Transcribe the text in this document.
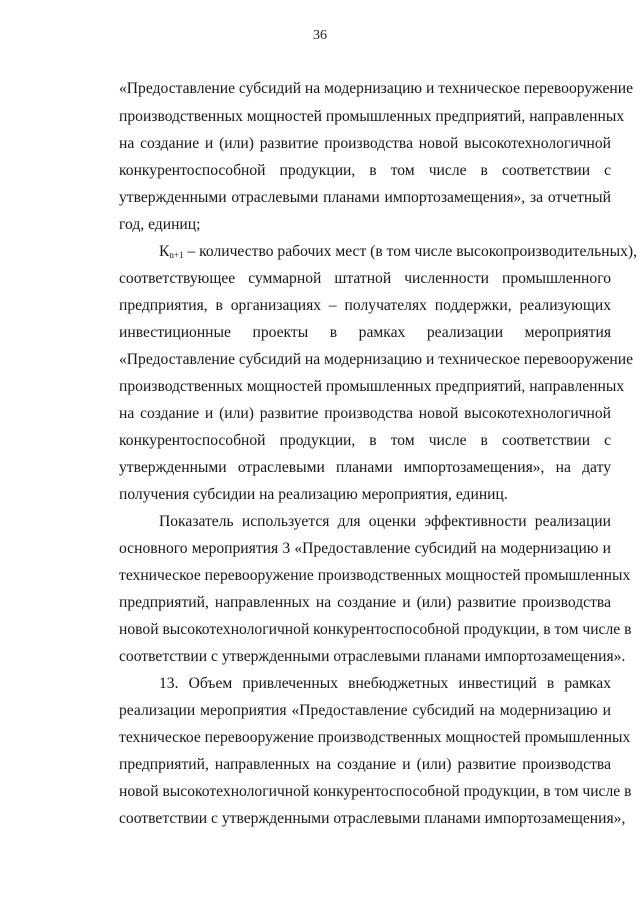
36
«Предоставление субсидий на модернизацию и техническое перевооружение
производственных мощностей промышленных предприятий, направленных
на создание и (или) развитие производства новой высокотехнологичной
конкурентоспособной продукции, в том числе в соответствии с
утвержденными отраслевыми планами импортозамещения», за отчетный
год, единиц;
Кn+1 – количество рабочих мест (в том числе высокопроизводительных),
соответствующее суммарной штатной численности промышленного
предприятия, в организациях – получателях поддержки, реализующих
инвестиционные проекты в рамках реализации мероприятия
«Предоставление субсидий на модернизацию и техническое перевооружение
производственных мощностей промышленных предприятий, направленных
на создание и (или) развитие производства новой высокотехнологичной
конкурентоспособной продукции, в том числе в соответствии с
утвержденными отраслевыми планами импортозамещения», на дату
получения субсидии на реализацию мероприятия, единиц.
Показатель используется для оценки эффективности реализации
основного мероприятия 3 «Предоставление субсидий на модернизацию и
техническое перевооружение производственных мощностей промышленных
предприятий, направленных на создание и (или) развитие производства
новой высокотехнологичной конкурентоспособной продукции, в том числе в
соответствии с утвержденными отраслевыми планами импортозамещения».
13. Объем привлеченных внебюджетных инвестиций в рамках
реализации мероприятия «Предоставление субсидий на модернизацию и
техническое перевооружение производственных мощностей промышленных
предприятий, направленных на создание и (или) развитие производства
новой высокотехнологичной конкурентоспособной продукции, в том числе в
соответствии с утвержденными отраслевыми планами импортозамещения»,
